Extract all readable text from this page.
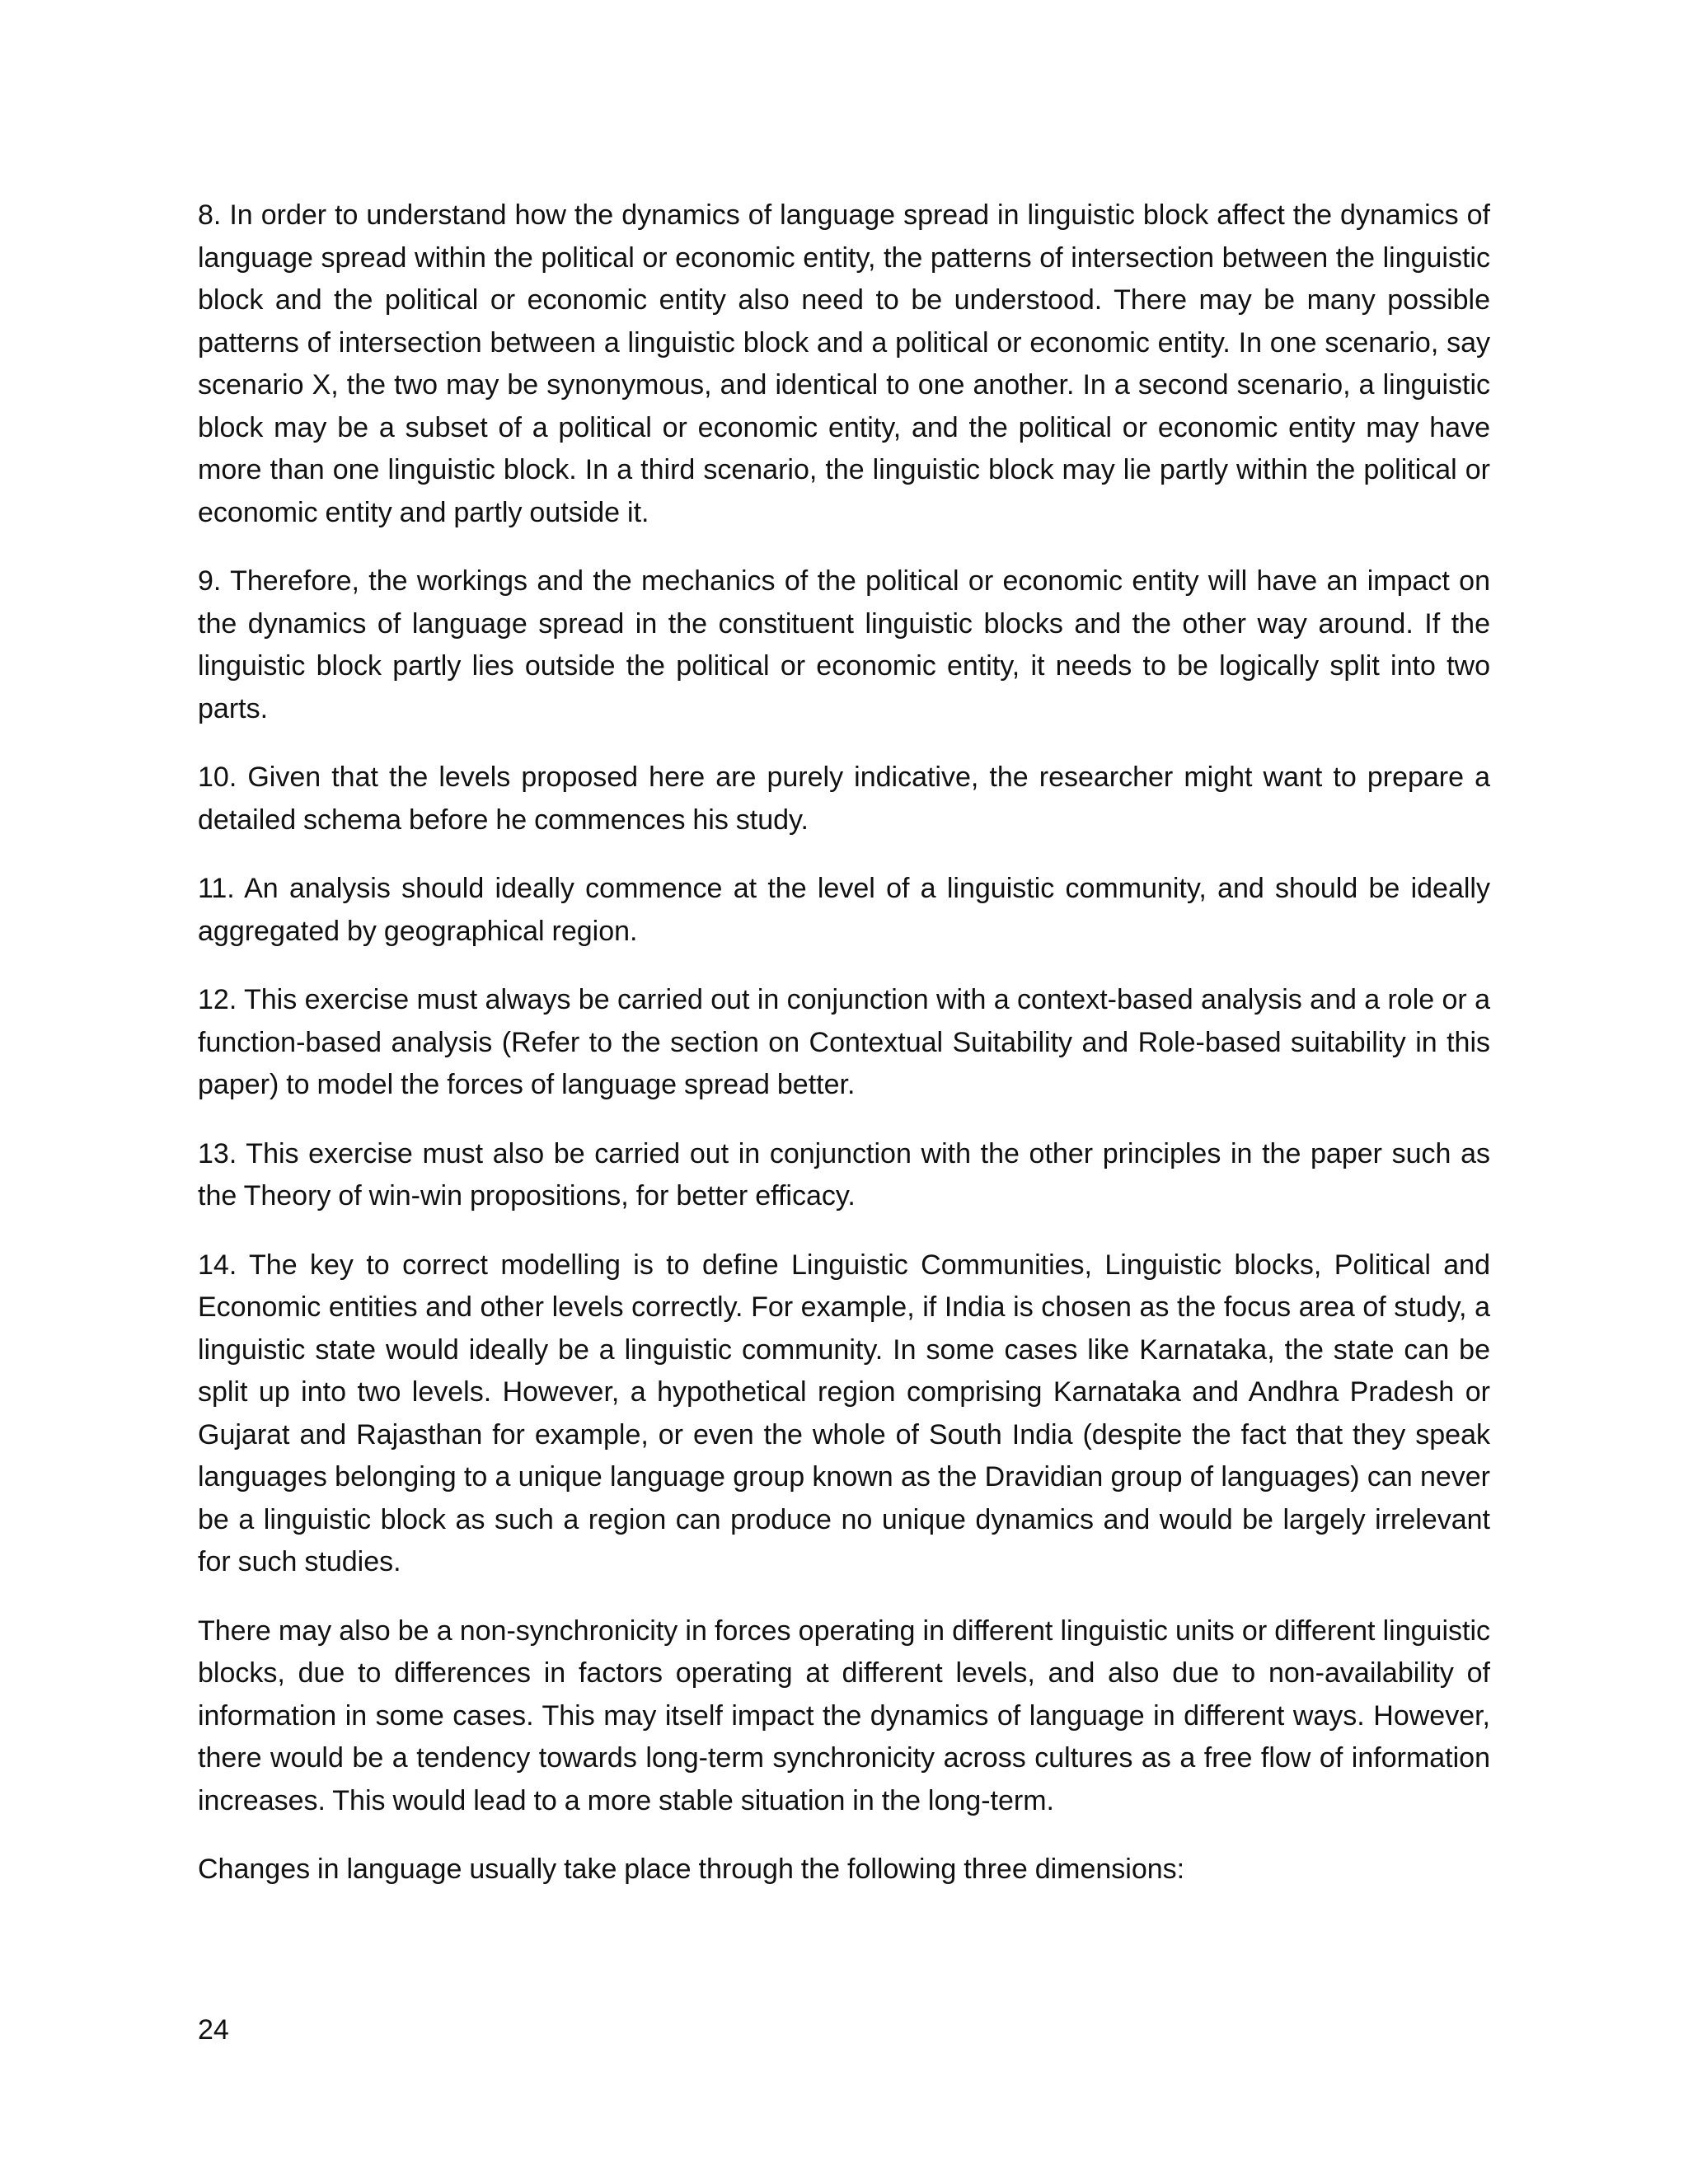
8. In order to understand how the dynamics of language spread in linguistic block affect the dynamics of language spread within the political or economic entity, the patterns of intersection between the linguistic block and the political or economic entity also need to be understood. There may be many possible patterns of intersection between a linguistic block and a political or economic entity. In one scenario, say scenario X, the two may be synonymous, and identical to one another. In a second scenario, a linguistic block may be a subset of a political or economic entity, and the political or economic entity may have more than one linguistic block. In a third scenario, the linguistic block may lie partly within the political or economic entity and partly outside it.

9. Therefore, the workings and the mechanics of the political or economic entity will have an impact on the dynamics of language spread in the constituent linguistic blocks and the other way around. If the linguistic block partly lies outside the political or economic entity, it needs to be logically split into two parts.

10. Given that the levels proposed here are purely indicative, the researcher might want to prepare a detailed schema before he commences his study.

11. An analysis should ideally commence at the level of a linguistic community, and should be ideally aggregated by geographical region.

12. This exercise must always be carried out in conjunction with a context-based analysis and a role or a function-based analysis (Refer to the section on Contextual Suitability and Role-based suitability in this paper) to model the forces of language spread better.

13. This exercise must also be carried out in conjunction with the other principles in the paper such as the Theory of win-win propositions, for better efficacy.

14. The key to correct modelling is to define Linguistic Communities, Linguistic blocks, Political and Economic entities and other levels correctly. For example, if India is chosen as the focus area of study, a linguistic state would ideally be a linguistic community. In some cases like Karnataka, the state can be split up into two levels. However, a hypothetical region comprising Karnataka and Andhra Pradesh or Gujarat and Rajasthan for example, or even the whole of South India (despite the fact that they speak languages belonging to a unique language group known as the Dravidian group of languages) can never be a linguistic block as such a region can produce no unique dynamics and would be largely irrelevant for such studies.

There may also be a non-synchronicity in forces operating in different linguistic units or different linguistic blocks, due to differences in factors operating at different levels, and also due to non-availability of information in some cases. This may itself impact the dynamics of language in different ways. However, there would be a tendency towards long-term synchronicity across cultures as a free flow of information increases. This would lead to a more stable situation in the long-term.

Changes in language usually take place through the following three dimensions:

24
